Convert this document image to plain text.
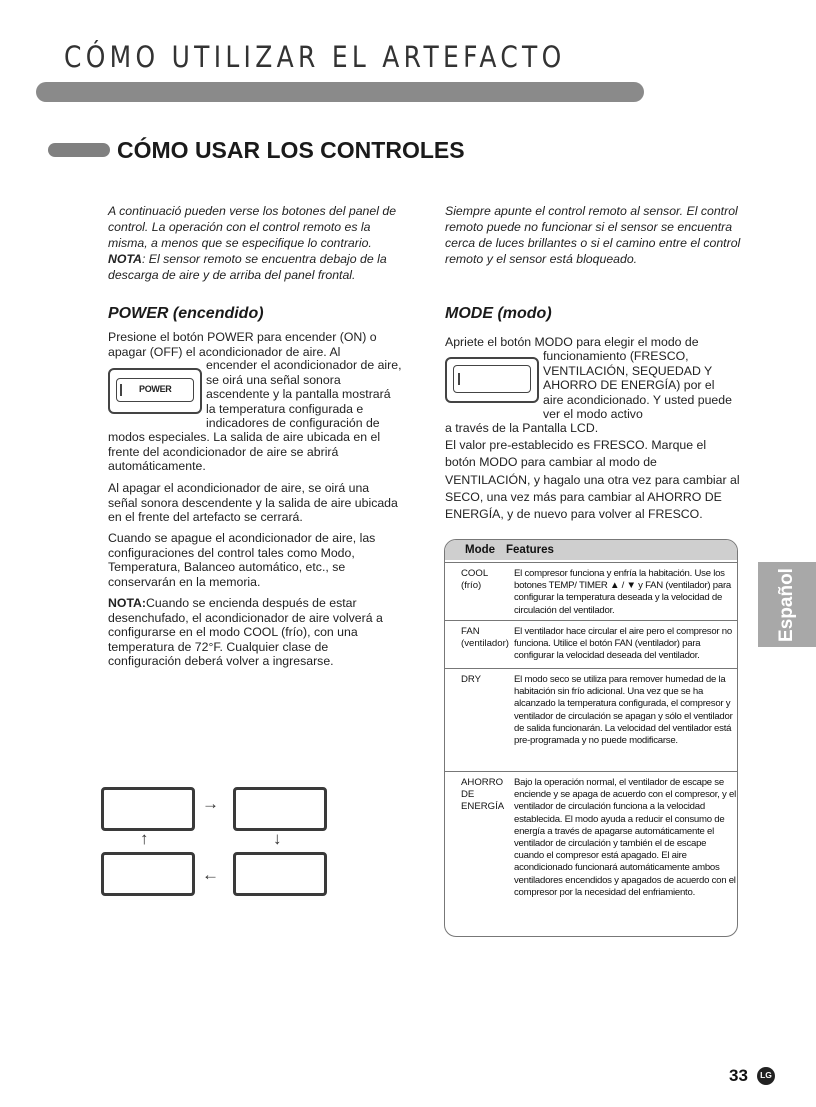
CÓMO UTILIZAR EL ARTEFACTO
CÓMO USAR LOS CONTROLES
A continuació pueden verse los botones del panel de control. La operación con el control remoto es la misma, a menos que se especifique lo contrario. NOTA: El sensor remoto se encuentra debajo de la descarga de aire y de arriba del panel frontal.
POWER (encendido)
Presione el botón POWER para encender (ON) o apagar (OFF) el acondicionador de aire. Al
POWER
encender el acondicionador de aire, se oirá una señal sonora ascendente y la pantalla mostrará la temperatura configurada e indicadores de configuración de
modos especiales. La salida de aire ubicada en el frente del acondicionador de aire se abrirá automáticamente.
Al apagar el acondicionador de aire, se oirá una señal sonora descendente y la salida de aire ubicada en el frente del artefacto se cerrará.
Cuando se apague el acondicionador de aire, las configuraciones del control tales como Modo, Temperatura, Balanceo automático, etc., se conservarán en la memoria.
NOTA:Cuando se encienda después de estar desenchufado, el acondicionador de aire volverá a configurarse en el modo COOL (frío), con una temperatura de 72°F. Cualquier clase de configuración deberá volver a ingresarse.
→
↓
←
↑
Siempre apunte el control remoto al sensor. El control remoto puede no funcionar si el sensor se encuentra cerca de luces brillantes o si el camino entre el control remoto y el sensor está bloqueado.
MODE (modo)
Apriete el botón MODO para elegir el modo de
funcionamiento (FRESCO, VENTILACIÓN, SEQUEDAD Y AHORRO DE ENERGÍA) por el aire acondicionado. Y usted puede ver el modo activo
a través de la Pantalla LCD.
El valor pre-establecido es FRESCO. Marque el botón MODO para cambiar al modo de VENTILACIÓN, y hagalo una otra vez para cambiar al SECO, una vez más para cambiar al AHORRO DE ENERGÍA, y de nuevo para volver al FRESCO.
Mode Features
COOL
(frío)
El compresor funciona y enfría la habitación. Use los botones TEMP/ TIMER ▲ / ▼ y FAN (ventilador) para configurar la temperatura deseada y la velocidad de circulación del ventilador.
FAN
(ventilador)
El ventilador hace circular el aire pero el compresor no funciona. Utilice el botón FAN (ventilador) para configurar la velocidad deseada del ventilador.
DRY	El modo seco se utiliza para remover humedad de la habitación sin frío adicional. Una vez que se ha alcanzado la temperatura configurada, el compresor y ventilador de circulación se apagan y sólo el ventilador de salida funcionarán. La velocidad del ventilador está pre-programada y no puede modificarse.
AHORRO
DE
ENERGÍA
Bajo la operación normal, el ventilador de escape se enciende y se apaga de acuerdo con el compresor, y el ventilador de circulación funciona a la velocidad establecida. El modo ayuda a reducir el consumo de energía a través de apagarse automáticamente el ventilador de circulación y también el de escape cuando el compresor está apagado. El aire acondicionado funcionará automáticamente ambos ventiladores encendidos y apagados de acuerdo con el compresor por la necesidad del enfriamiento.
Español
33	LG
